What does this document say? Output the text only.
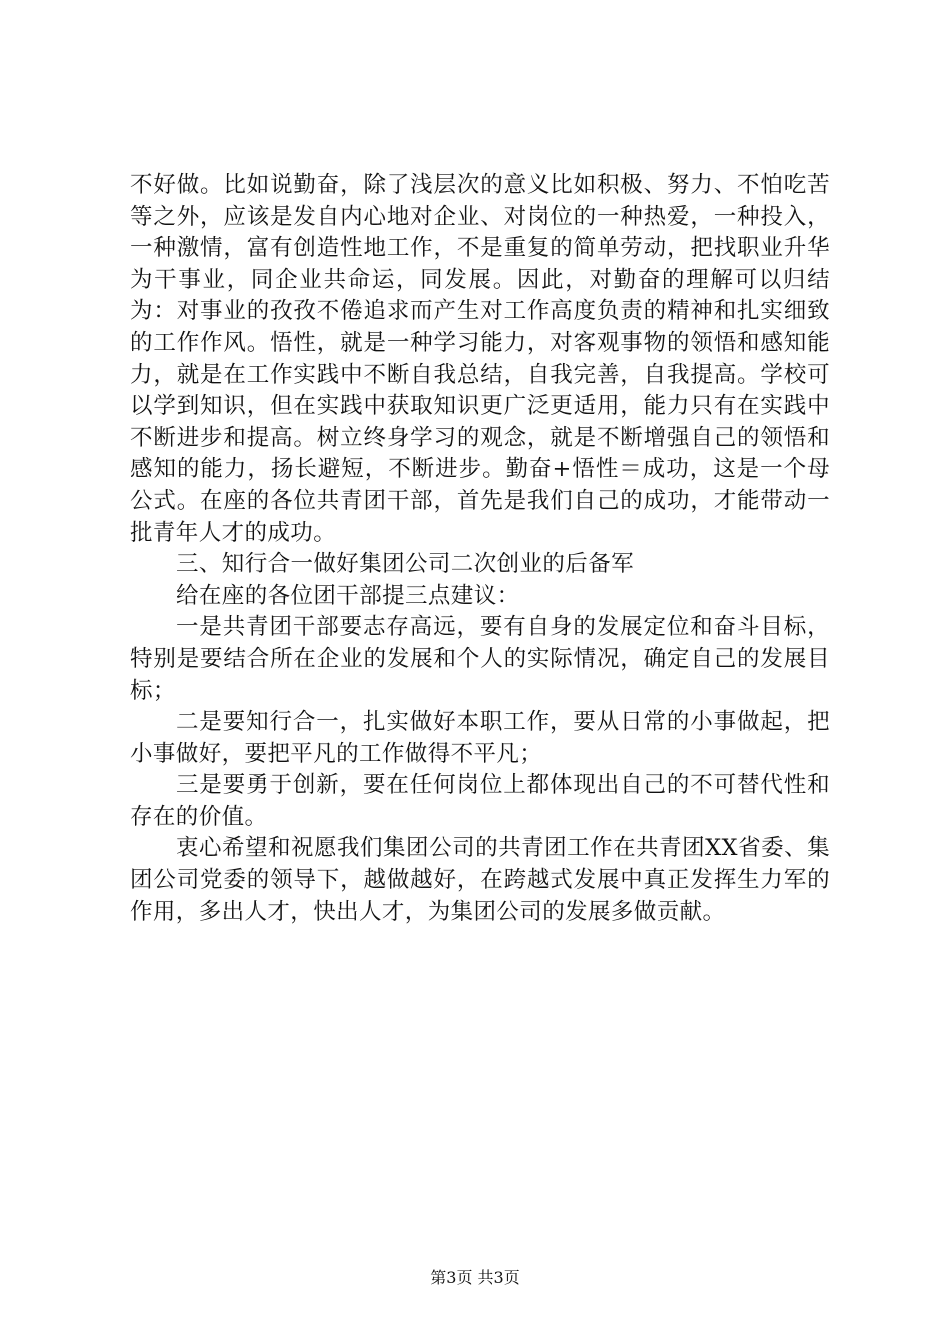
不好做。比如说勤奋，除了浅层次的意义比如积极、努力、不怕吃苦等之外，应该是发自内心地对企业、对岗位的一种热爱，一种投入，一种激情，富有创造性地工作，不是重复的简单劳动，把找职业升华为干事业，同企业共命运，同发展。因此，对勤奋的理解可以归结为：对事业的孜孜不倦追求而产生对工作高度负责的精神和扎实细致的工作作风。悟性，就是一种学习能力，对客观事物的领悟和感知能力，就是在工作实践中不断自我总结，自我完善，自我提高。学校可以学到知识，但在实践中获取知识更广泛更适用，能力只有在实践中不断进步和提高。树立终身学习的观念，就是不断增强自己的领悟和感知的能力，扬长避短，不断进步。勤奋+悟性＝成功，这是一个母公式。在座的各位共青团干部，首先是我们自己的成功，才能带动一批青年人才的成功。

三、知行合一做好集团公司二次创业的后备军

给在座的各位团干部提三点建议：

一是共青团干部要志存高远，要有自身的发展定位和奋斗目标，特别是要结合所在企业的发展和个人的实际情况，确定自己的发展目标；

二是要知行合一，扎实做好本职工作，要从日常的小事做起，把小事做好，要把平凡的工作做得不平凡；

三是要勇于创新，要在任何岗位上都体现出自己的不可替代性和存在的价值。

衷心希望和祝愿我们集团公司的共青团工作在共青团XX省委、集团公司党委的领导下，越做越好，在跨越式发展中真正发挥生力军的作用，多出人才，快出人才，为集团公司的发展多做贡献。

第3页 共3页
